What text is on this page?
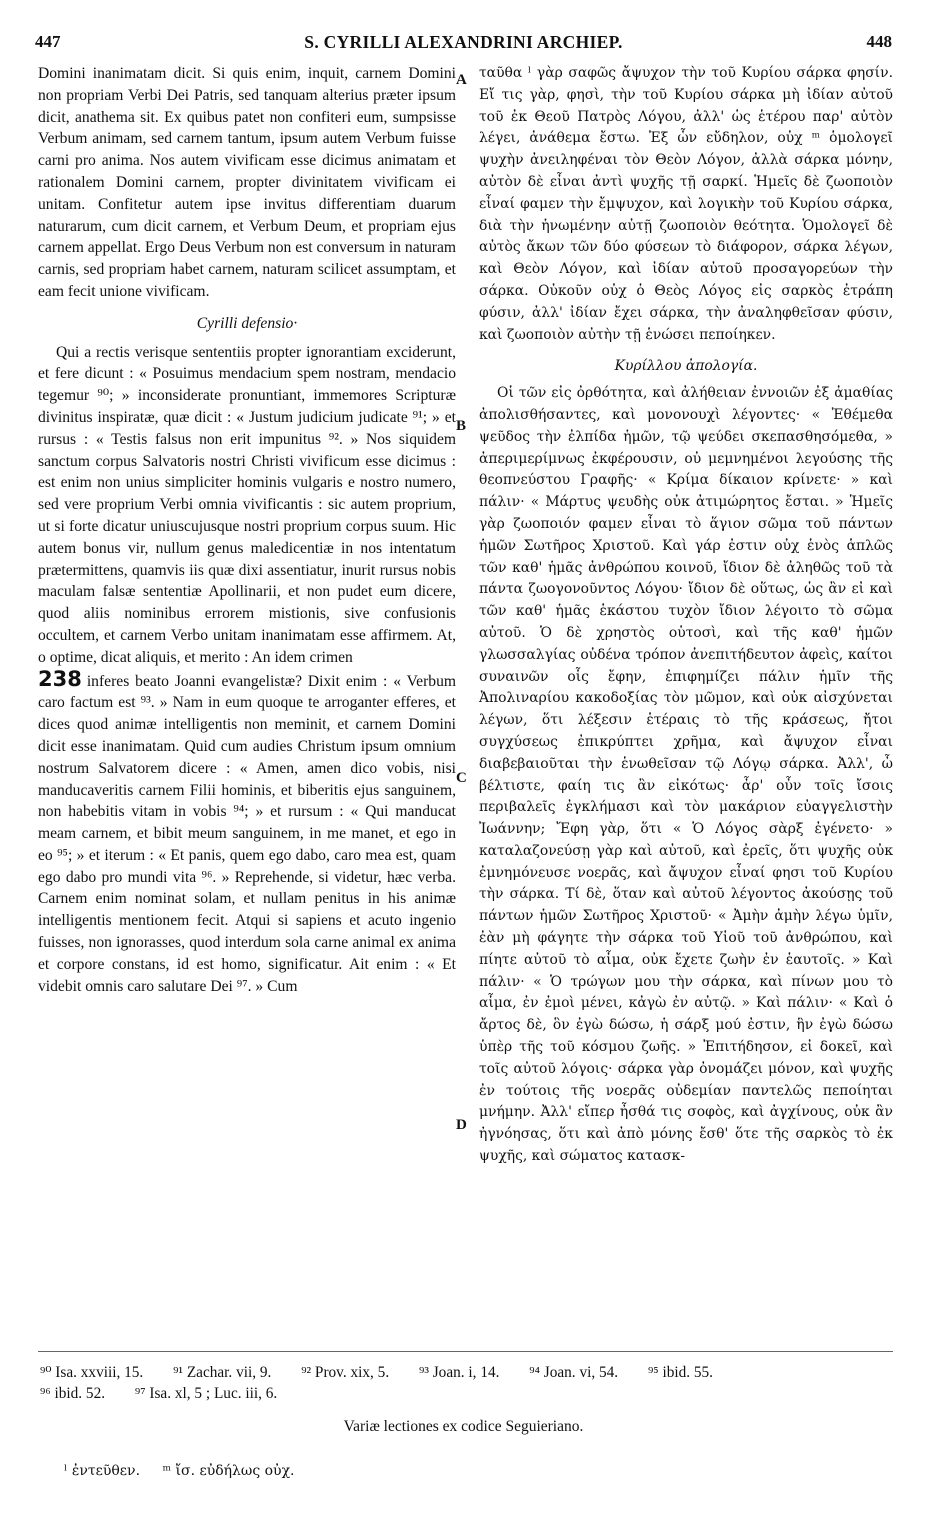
447	S. CYRILLI ALEXANDRINI ARCHIEP.	448

Domini inanimatam dicit. Si quis enim, inquit, carnem Domini non propriam Verbi Dei Patris, sed tanquam alterius præter ipsum dicit, anathema sit. Ex quibus patet non confiteri eum, sumpsisse Verbum animam, sed carnem tantum, ipsum autem Verbum fuisse carni pro anima. Nos autem vivificam esse dicimus animatam et rationalem Domini carnem, propter divinitatem vivificam ei unitam. Confitetur autem ipse invitus differentiam duarum naturarum, cum dicit carnem, et Verbum Deum, et propriam ejus carnem appellat. Ergo Deus Verbum non est conversum in naturam carnis, sed propriam habet carnem, naturam scilicet assumptam, et eam fecit unione vivificam.

Cyrilli defensio·

Qui a rectis verisque sententiis propter ignorantiam exciderunt, et fere dicunt : « Posuimus mendacium spem nostram, mendacio tegemur ⁹⁰; » inconsiderate pronuntiant, immemores Scripturæ divinitus inspiratæ, quæ dicit : « Justum judicium judicate ⁹¹; » et rursus : « Testis falsus non erit impunitus ⁹². » Nos siquidem sanctum corpus Salvatoris nostri Christi vivificum esse dicimus : est enim non unius simpliciter hominis vulgaris e nostro numero, sed vere proprium Verbi omnia vivificantis : sic autem proprium, ut si forte dicatur uniuscujusque nostri proprium corpus suum. Hic autem bonus vir, nullum genus maledicentiæ in nos intentatum prætermittens, quamvis iis quæ dixi assentiatur, inurit rursus nobis maculam falsæ sententiæ Apollinarii, et non pudet eum dicere, quod aliis nominibus errorem mistionis, sive confusionis occultem, et carnem Verbo unitam inanimatam esse affirmem. At, o optime, dicat aliquis, et merito : An idem crimen

238 inferes beato Joanni evangelistæ? Dixit enim : « Verbum caro factum est ⁹³. » Nam in eum quoque te arroganter efferes, et dices quod animæ intelligentis non meminit, et carnem Domini dicit esse inanimatam. Quid cum audies Christum ipsum omnium nostrum Salvatorem dicere : « Amen, amen dico vobis, nisi manducaveritis carnem Filii hominis, et biberitis ejus sanguinem, non habebitis vitam in vobis ⁹⁴; » et rursum : « Qui manducat meam carnem, et bibit meum sanguinem, in me manet, et ego in eo ⁹⁵; » et iterum : « Et panis, quem ego dabo, caro mea est, quam ego dabo pro mundi vita ⁹⁶. » Reprehende, si videtur, hæc verba. Carnem enim nominat solam, et nullam penitus in his animæ intelligentis mentionem fecit. Atqui si sapiens et acuto ingenio fuisses, non ignorasses, quod interdum sola carne animal ex anima et corpore constans, id est homo, significatur. Ait enim : « Et videbit omnis caro salutare Dei ⁹⁷. » Cum

A
B
C
D

ταῦθα ˡ γὰρ σαφῶς ἄψυχον τὴν τοῦ Κυρίου σάρκα φησίν. Εἴ τις γὰρ, φησὶ, τὴν τοῦ Κυρίου σάρκα μὴ ἰδίαν αὐτοῦ τοῦ ἐκ Θεοῦ Πατρὸς Λόγου, ἀλλ' ὡς ἑτέρου παρ' αὐτὸν λέγει, ἀνάθεμα ἔστω. Ἐξ ὧν εὔδηλον, οὐχ ᵐ ὁμολογεῖ ψυχὴν ἀνειληφέναι τὸν Θεὸν Λόγον, ἀλλὰ σάρκα μόνην, αὐτὸν δὲ εἶναι ἀντὶ ψυχῆς τῇ σαρκί. Ἡμεῖς δὲ ζωοποιὸν εἶναί φαμεν τὴν ἔμψυχον, καὶ λογικὴν τοῦ Κυρίου σάρκα, διὰ τὴν ἡνωμένην αὐτῇ ζωοποιὸν θεότητα. Ὁμολογεῖ δὲ αὐτὸς ἄκων τῶν δύο φύσεων τὸ διάφορον, σάρκα λέγων, καὶ Θεὸν Λόγον, καὶ ἰδίαν αὐτοῦ προσαγορεύων τὴν σάρκα. Οὐκοῦν οὐχ ὁ Θεὸς Λόγος εἰς σαρκὸς ἐτράπη φύσιν, ἀλλ' ἰδίαν ἔχει σάρκα, τὴν ἀναληφθεῖσαν φύσιν, καὶ ζωοποιὸν αὐτὴν τῇ ἑνώσει πεποίηκεν.

Κυρίλλου ἀπολογία.

Οἱ τῶν εἰς ὀρθότητα, καὶ ἀλήθειαν ἐννοιῶν ἐξ ἀμαθίας ἀπολισθήσαντες, καὶ μονονουχὶ λέγοντες· « Ἐθέμεθα ψεῦδος τὴν ἐλπίδα ἡμῶν, τῷ ψεύδει σκεπασθησόμεθα, » ἀπεριμερίμνως ἐκφέρουσιν, οὐ μεμνημένοι λεγούσης τῆς θεοπνεύστου Γραφῆς· « Κρίμα δίκαιον κρίνετε· » καὶ πάλιν· « Μάρτυς ψευδὴς οὐκ ἀτιμώρητος ἔσται. » Ἡμεῖς γὰρ ζωοποιόν φαμεν εἶναι τὸ ἅγιον σῶμα τοῦ πάντων ἡμῶν Σωτῆρος Χριστοῦ. Καὶ γάρ ἐστιν οὐχ ἑνὸς ἁπλῶς τῶν καθ' ἡμᾶς ἀνθρώπου κοινοῦ, ἴδιον δὲ ἀληθῶς τοῦ τὰ πάντα ζωογονοῦντος Λόγου· ἴδιον δὲ οὕτως, ὡς ἂν εἰ καὶ τῶν καθ' ἡμᾶς ἑκάστου τυχὸν ἴδιον λέγοιτο τὸ σῶμα αὐτοῦ. Ὁ δὲ χρηστὸς οὑτοσὶ, καὶ τῆς καθ' ἡμῶν γλωσσαλγίας οὐδένα τρόπον ἀνεπιτήδευτον ἀφεὶς, καίτοι συναινῶν οἷς ἔφην, ἐπιφημίζει πάλιν ἡμῖν τῆς Ἀπολιναρίου κακοδοξίας τὸν μῶμον, καὶ οὐκ αἰσχύνεται λέγων, ὅτι λέξεσιν ἑτέραις τὸ τῆς κράσεως, ἤτοι συγχύσεως ἐπικρύπτει χρῆμα, καὶ ἄψυχον εἶναι διαβεβαιοῦται τὴν ἑνωθεῖσαν τῷ Λόγῳ σάρκα. Ἀλλ', ὦ βέλτιστε, φαίη τις ἂν εἰκότως· ἆρ' οὖν τοῖς ἴσοις περιβαλεῖς ἐγκλήμασι καὶ τὸν μακάριον εὐαγγελιστὴν Ἰωάννην; Ἔφη γὰρ, ὅτι « Ὁ Λόγος σὰρξ ἐγένετο· » καταλαζονεύσῃ γὰρ καὶ αὐτοῦ, καὶ ἐρεῖς, ὅτι ψυχῆς οὐκ ἐμνημόνευσε νοερᾶς, καὶ ἄψυχον εἶναί φησι τοῦ Κυρίου τὴν σάρκα. Τί δὲ, ὅταν καὶ αὐτοῦ λέγοντος ἀκούσῃς τοῦ πάντων ἡμῶν Σωτῆρος Χριστοῦ· « Ἀμὴν ἀμὴν λέγω ὑμῖν, ἐὰν μὴ φάγητε τὴν σάρκα τοῦ Υἱοῦ τοῦ ἀνθρώπου, καὶ πίητε αὐτοῦ τὸ αἷμα, οὐκ ἔχετε ζωὴν ἐν ἑαυτοῖς. » Καὶ πάλιν· « Ὁ τρώγων μου τὴν σάρκα, καὶ πίνων μου τὸ αἷμα, ἐν ἐμοὶ μένει, κἀγὼ ἐν αὐτῷ. » Καὶ πάλιν· « Καὶ ὁ ἄρτος δὲ, ὃν ἐγὼ δώσω, ἡ σάρξ μού ἐστιν, ἣν ἐγὼ δώσω ὑπὲρ τῆς τοῦ κόσμου ζωῆς. » Ἐπιτήδησον, εἰ δοκεῖ, καὶ τοῖς αὐτοῦ λόγοις· σάρκα γὰρ ὀνομάζει μόνον, καὶ ψυχῆς ἐν τούτοις τῆς νοερᾶς οὐδεμίαν παντελῶς πεποίηται μνήμην. Ἀλλ' εἴπερ ἦσθά τις σοφὸς, καὶ ἀγχίνους, οὐκ ἂν ἠγνόησας, ὅτι καὶ ἀπὸ μόνης ἔσθ' ὅτε τῆς σαρκὸς τὸ ἐκ ψυχῆς, καὶ σώματος κατασκ-

⁹⁰ Isa. xxviii, 15. ⁹¹ Zachar. vii, 9. ⁹² Prov. xix, 5. ⁹³ Joan. i, 14. ⁹⁴ Joan. vi, 54. ⁹⁵ ibid. 55.
⁹⁶ ibid. 52. ⁹⁷ Isa. xl, 5 ; Luc. iii, 6.
Variæ lectiones ex codice Seguieriano.
ˡ ἐντεῦθεν. ᵐ ἴσ. εὐδήλως οὐχ.
